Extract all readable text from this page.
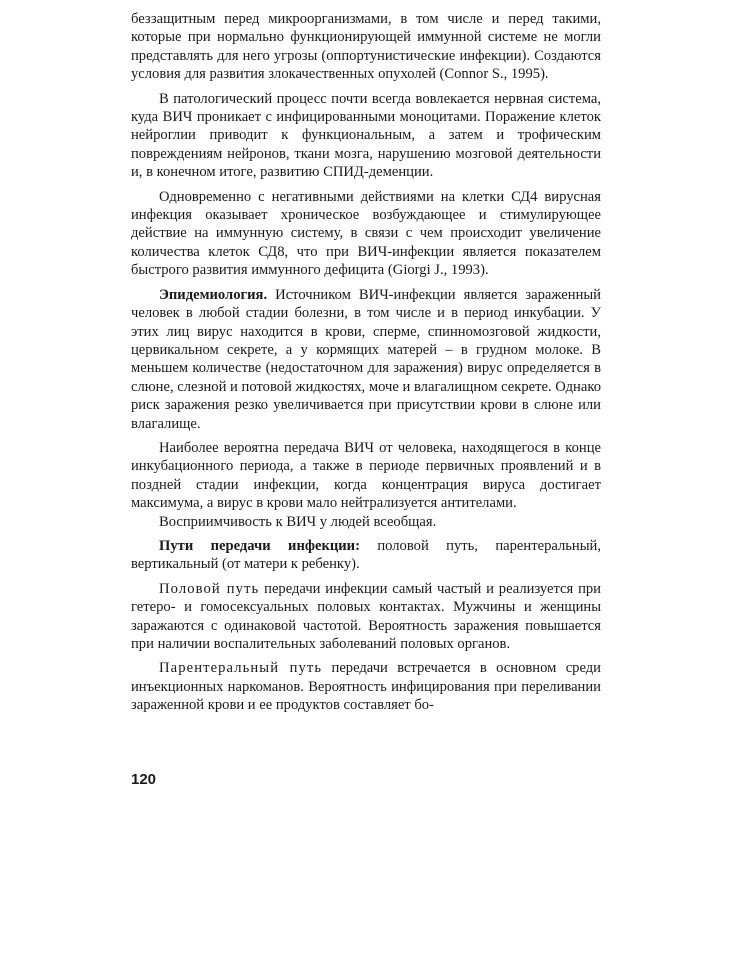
беззащитным перед микроорганизмами, в том числе и перед такими, которые при нормально функционирующей иммунной системе не могли представлять для него угрозы (оппортунистические инфекции). Создаются условия для развития злокачественных опухолей (Connor S., 1995).

В патологический процесс почти всегда вовлекается нервная система, куда ВИЧ проникает с инфицированными моноцитами. Поражение клеток нейроглии приводит к функциональным, а затем и трофическим повреждениям нейронов, ткани мозга, нарушению мозговой деятельности и, в конечном итоге, развитию СПИД-деменции.

Одновременно с негативными действиями на клетки СД4 вирусная инфекция оказывает хроническое возбуждающее и стимулирующее действие на иммунную систему, в связи с чем происходит увеличение количества клеток СД8, что при ВИЧ-инфекции является показателем быстрого развития иммунного дефицита (Giorgi J., 1993).

Эпидемиология. Источником ВИЧ-инфекции является зараженный человек в любой стадии болезни, в том числе и в период инкубации. У этих лиц вирус находится в крови, сперме, спинномозговой жидкости, цервикальном секрете, а у кормящих матерей – в грудном молоке. В меньшем количестве (недостаточном для заражения) вирус определяется в слюне, слезной и потовой жидкостях, моче и влагалищном секрете. Однако риск заражения резко увеличивается при присутствии крови в слюне или влагалище.

Наиболее вероятна передача ВИЧ от человека, находящегося в конце инкубационного периода, а также в периоде первичных проявлений и в поздней стадии инфекции, когда концентрация вируса достигает максимума, а вирус в крови мало нейтрализуется антителами.

Восприимчивость к ВИЧ у людей всеобщая.

Пути передачи инфекции: половой путь, парентеральный, вертикальный (от матери к ребенку).

Половой путь передачи инфекции самый частый и реализуется при гетеро- и гомосексуальных половых контактах. Мужчины и женщины заражаются с одинаковой частотой. Вероятность заражения повышается при наличии воспалительных заболеваний половых органов.

Парентеральный путь передачи встречается в основном среди инъекционных наркоманов. Вероятность инфицирования при переливании зараженной крови и ее продуктов составляет бо-

120
